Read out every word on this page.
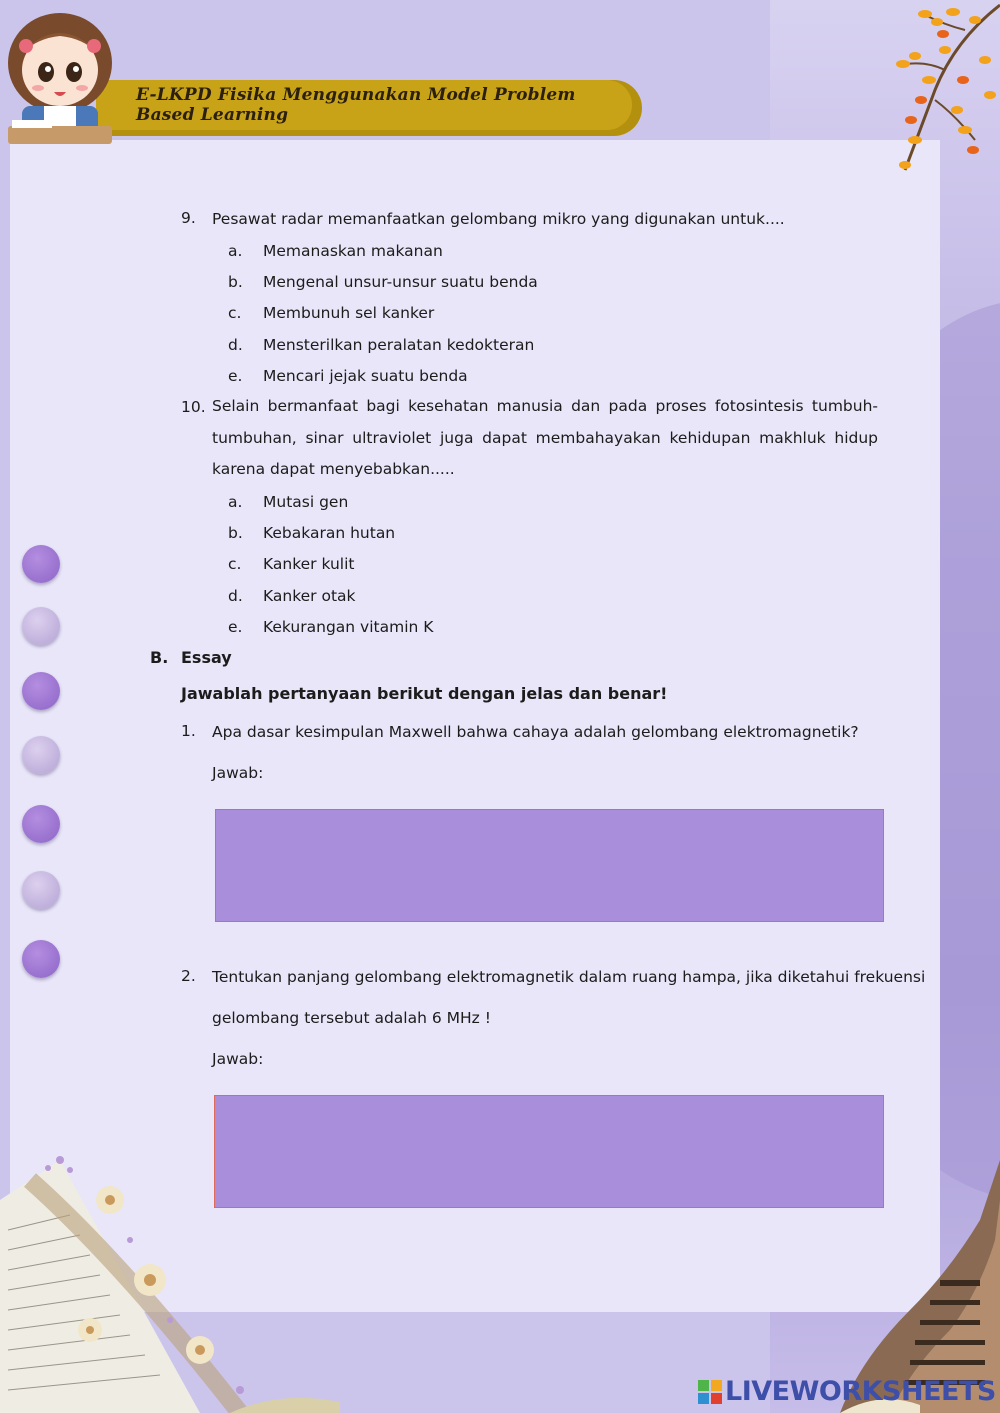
E-LKPD Fisika Menggunakan Model Problem Based Learning
9. Pesawat radar memanfaatkan gelombang mikro yang digunakan untuk....
a. Memanaskan makanan
b. Mengenal unsur-unsur suatu benda
c. Membunuh sel kanker
d. Mensterilkan peralatan kedokteran
e. Mencari jejak suatu benda
10. Selain bermanfaat bagi kesehatan manusia dan pada proses fotosintesis tumbuh-tumbuhan, sinar ultraviolet juga dapat membahayakan kehidupan makhluk hidup karena dapat menyebabkan.....
a. Mutasi gen
b. Kebakaran hutan
c. Kanker kulit
d. Kanker otak
e. Kekurangan vitamin K
B. Essay
Jawablah pertanyaan berikut dengan jelas dan benar!
1. Apa dasar kesimpulan Maxwell bahwa cahaya adalah gelombang elektromagnetik?
Jawab:
2. Tentukan panjang gelombang elektromagnetik dalam ruang hampa, jika diketahui frekuensi
gelombang tersebut adalah 6 MHz !
Jawab:
LIVEWORKSHEETS
